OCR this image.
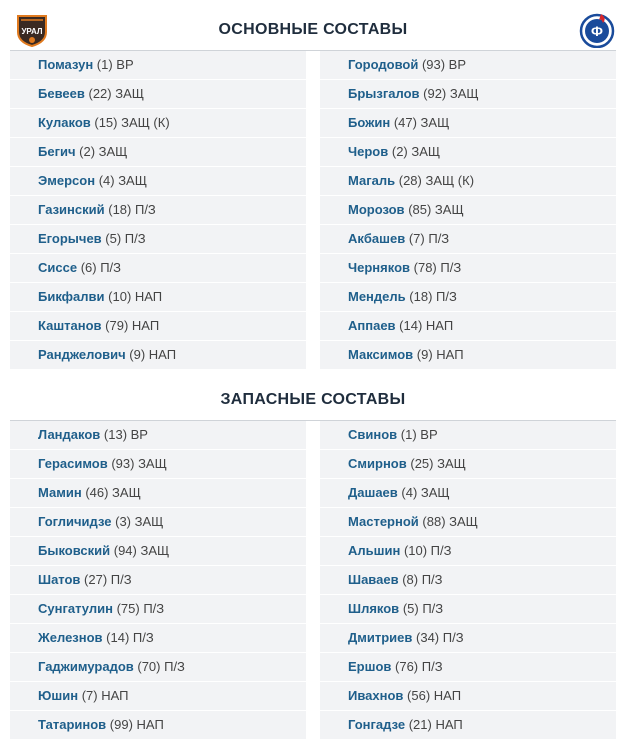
ОСНОВНЫЕ СОСТАВЫ
УРАЛ	Ф
Помазун (1) ВР
Бевеев (22) ЗАЩ
Кулаков (15) ЗАЩ (К)
Бегич (2) ЗАЩ
Эмерсон (4) ЗАЩ
Газинский (18) П/З
Егорычев (5) П/З
Сиссе (6) П/З
Бикфалви (10) НАП
Каштанов (79) НАП
Ранджелович (9) НАП
Городовой (93) ВР
Брызгалов (92) ЗАЩ
Божин (47) ЗАЩ
Черов (2) ЗАЩ
Магаль (28) ЗАЩ (К)
Морозов (85) ЗАЩ
Акбашев (7) П/З
Черняков (78) П/З
Мендель (18) П/З
Аппаев (14) НАП
Максимов (9) НАП
ЗАПАСНЫЕ СОСТАВЫ
Ландаков (13) ВР
Герасимов (93) ЗАЩ
Мамин (46) ЗАЩ
Гогличидзе (3) ЗАЩ
Быковский (94) ЗАЩ
Шатов (27) П/З
Сунгатулин (75) П/З
Железнов (14) П/З
Гаджимурадов (70) П/З
Юшин (7) НАП
Татаринов (99) НАП
Свинов (1) ВР
Смирнов (25) ЗАЩ
Дашаев (4) ЗАЩ
Мастерной (88) ЗАЩ
Альшин (10) П/З
Шаваев (8) П/З
Шляков (5) П/З
Дмитриев (34) П/З
Ершов (76) П/З
Ивахнов (56) НАП
Гонгадзе (21) НАП
